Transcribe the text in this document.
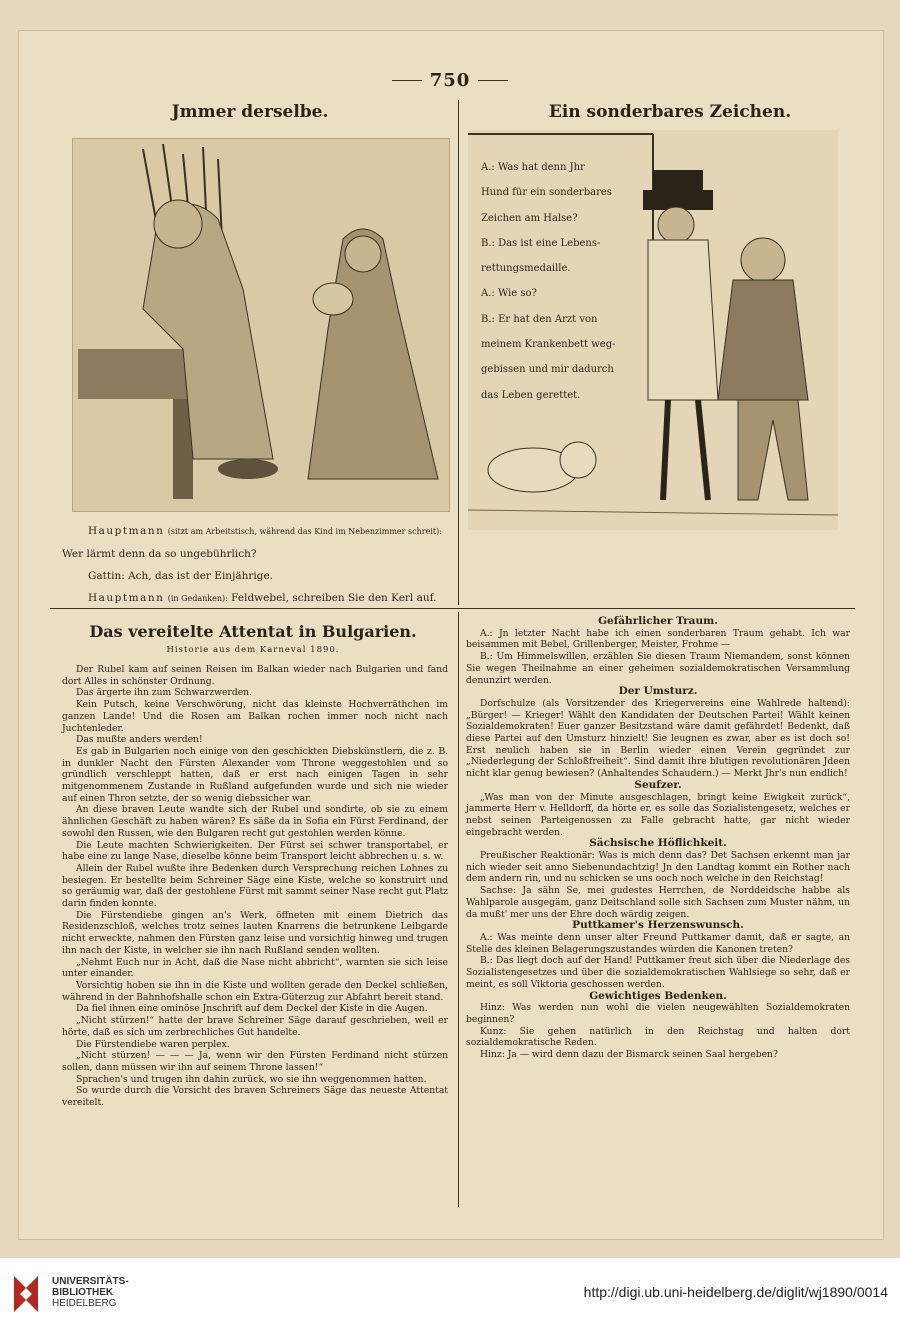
750
Jmmer derselbe.
Hauptmann (sitzt am Arbeitstisch, während das Kind im Nebenzimmer schreit):
Wer lärmt denn da so ungebührlich?
Gattin: Ach, das ist der Einjährige.
Hauptmann (in Gedanken): Feldwebel, schreiben Sie den Kerl auf.
Ein sonderbares Zeichen.
A.: Was hat denn Jhr
Hund für ein sonderbares
Zeichen am Halse?
B.: Das ist eine Lebens-
rettungsmedaille.
A.: Wie so?
B.: Er hat den Arzt von
meinem Krankenbett weg-
gebissen und mir dadurch
das Leben gerettet.
Das vereitelte Attentat in Bulgarien.
Historie aus dem Karneval 1890.

Der Rubel kam auf seinen Reisen im Balkan wieder nach Bulgarien und fand dort Alles in schönster Ordnung.

Das ärgerte ihn zum Schwarzwerden.

Kein Putsch, keine Verschwörung, nicht das kleinste Hochverräthchen im ganzen Lande! Und die Rosen am Balkan rochen immer noch nicht nach Juchtenleder.

Das mußte anders werden!

Es gab in Bulgarien noch einige von den geschickten Diebskünstlern, die z. B. in dunkler Nacht den Fürsten Alexander vom Throne weggestohlen und so gründlich verschleppt hatten, daß er erst nach einigen Tagen in sehr mitgenommenem Zustande in Rußland aufgefunden wurde und sich nie wieder auf einen Thron setzte, der so wenig diebssicher war.

An diese braven Leute wandte sich der Rubel und sondirte, ob sie zu einem ähnlichen Geschäft zu haben wären? Es säße da in Sofia ein Fürst Ferdinand, der sowohl den Russen, wie den Bulgaren recht gut gestohlen werden könne.

Die Leute machten Schwierigkeiten. Der Fürst sei schwer transportabel, er habe eine zu lange Nase, dieselbe könne beim Transport leicht abbrechen u. s. w.

Allein der Rubel wußte ihre Bedenken durch Versprechung reichen Lohnes zu besiegen. Er bestellte beim Schreiner Säge eine Kiste, welche so konstruirt und so geräumig war, daß der gestohlene Fürst mit sammt seiner Nase recht gut Platz darin finden konnte.

Die Fürstendiebe gingen an's Werk, öffneten mit einem Dietrich das Residenzschloß, welches trotz seines lauten Knarrens die betrunkene Leibgarde nicht erweckte, nahmen den Fürsten ganz leise und vorsichtig hinweg und trugen ihn nach der Kiste, in welcher sie ihn nach Rußland senden wollten.

„Nehmt Euch nur in Acht, daß die Nase nicht abbricht“, warnten sie sich leise unter einander.

Vorsichtig hoben sie ihn in die Kiste und wollten gerade den Deckel schließen, während in der Bahnhofshalle schon ein Extra-Güterzug zur Abfahrt bereit stand.

Da fiel ihnen eine ominöse Jnschrift auf dem Deckel der Kiste in die Augen.

„Nicht stürzen!“ hatte der brave Schreiner Säge darauf geschrieben, weil er hörte, daß es sich um zerbrechliches Gut handelte.

Die Fürstendiebe waren perplex.

„Nicht stürzen! — — — Ja, wenn wir den Fürsten Ferdinand nicht stürzen sollen, dann müssen wir ihn auf seinem Throne lassen!“

Sprachen's und trugen ihn dahin zurück, wo sie ihn weggenommen hatten.

So wurde durch die Vorsicht des braven Schreiners Säge das neueste Attentat vereitelt.

Gefährlicher Traum.

A.: Jn letzter Nacht habe ich einen sonderbaren Traum gehabt. Ich war beisammen mit Bebel, Grillenberger, Meister, Frohme —

B.: Um Himmelswillen, erzählen Sie diesen Traum Niemandem, sonst können Sie wegen Theilnahme an einer geheimen sozialdemokratischen Versammlung denunzirt werden.

Der Umsturz.

Dorfschulze (als Vorsitzender des Kriegervereins eine Wahlrede haltend): „Bürger! — Krieger! Wählt den Kandidaten der Deutschen Partei! Wählt keinen Sozialdemokraten! Euer ganzer Besitzstand wäre damit gefährdet! Bedenkt, daß diese Partei auf den Umsturz hinzielt! Sie leugnen es zwar, aber es ist doch so! Erst neulich haben sie in Berlin wieder einen Verein gegründet zur „Niederlegung der Schloßfreiheit“. Sind damit ihre blutigen revolutionären Jdeen nicht klar genug bewiesen? (Anhaltendes Schaudern.) — Merkt Jhr's nun endlich!

Seufzer.

„Was man von der Minute ausgeschlagen, bringt keine Ewigkeit zurück“, jammerte Herr v. Helldorff, da hörte er, es solle das Sozialistengesetz, welches er nebst seinen Parteigenossen zu Falle gebracht hatte, gar nicht wieder eingebracht werden.

Sächsische Höflichkeit.

Preußischer Reaktionär: Was is mich denn das? Det Sachsen erkennt man jar nich wieder seit anno Siebenundachtzig! Jn den Landtag kommt ein Rother nach dem andern rin, und nu schicken se uns ooch noch welche in den Reichstag!

Sachse: Ja sähn Se, mei gudestes Herrchen, de Norddeidsche habbe als Wahlparole ausgegäm, ganz Deitschland solle sich Sachsen zum Muster nähm, un da mußt' mer uns der Ehre doch wärdig zeigen.

Puttkamer's Herzenswunsch.

A.: Was meinte denn unser alter Freund Puttkamer damit, daß er sagte, an Stelle des kleinen Belagerungszustandes würden die Kanonen treten?

B.: Das liegt doch auf der Hand! Puttkamer freut sich über die Niederlage des Sozialistengesetzes und über die sozialdemokratischen Wahlsiege so sehr, daß er meint, es soll Viktoria geschossen werden.

Gewichtiges Bedenken.

Hinz: Was werden nun wohl die vielen neugewählten Sozialdemokraten beginnen?

Kunz: Sie gehen natürlich in den Reichstag und halten dort sozialdemokratische Reden.

Hinz: Ja — wird denn dazu der Bismarck seinen Saal hergeben?

UNIVERSITÄTS-
BIBLIOTHEK
HEIDELBERG
http://digi.ub.uni-heidelberg.de/diglit/wj1890/0014
